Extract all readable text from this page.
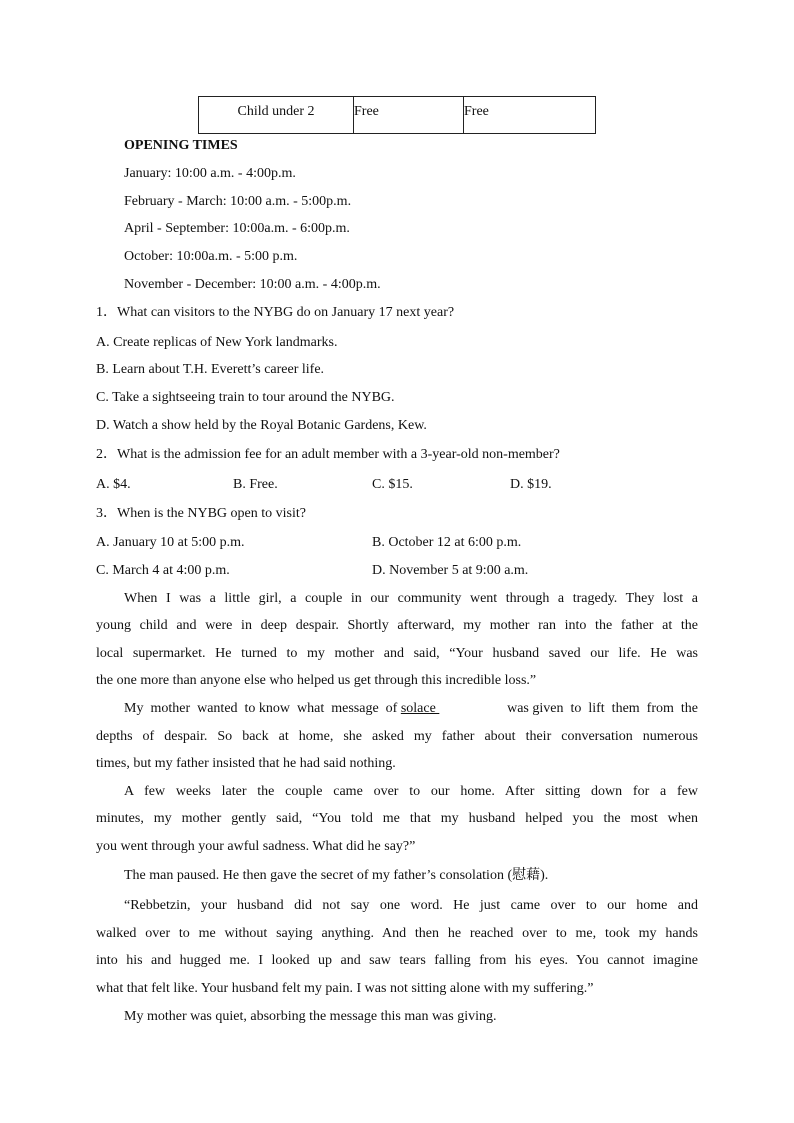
Child under 2	Free	Free
OPENING TIMES
January: 10:00 a.m. - 4:00p.m.
February - March: 10:00 a.m. - 5:00p.m.
April - September: 10:00a.m. - 6:00p.m.
October: 10:00a.m. - 5:00 p.m.
November - December: 10:00 a.m. - 4:00p.m.
1．What can visitors to the NYBG do on January 17 next year?
A. Create replicas of New York landmarks.
B. Learn about T.H. Everett’s career life.
C. Take a sightseeing train to tour around the NYBG.
D. Watch a show held by the Royal Botanic Gardens, Kew.
2．What is the admission fee for an adult member with a 3-year-old non-member?
A. $4.	B. Free.	C. $15.	D. $19.
3．When is the NYBG open to visit?
A. January 10 at 5:00 p.m.	B. October 12 at 6:00 p.m.
C. March 4 at 4:00 p.m.	D. November 5 at 9:00 a.m.
When I was a little girl, a couple in our community went through a tragedy. They lost a
young child and were in deep despair. Shortly afterward, my mother ran into the father at the
local supermarket. He turned to my mother and said, “Your husband saved our life. He was
the one more than anyone else who helped us get through this incredible loss.”
My  mother  wanted  to know  what  message  of solace	was given  to  lift  them  from  the
depths of despair. So back at home, she asked my father about their conversation numerous
times, but my father insisted that he had said nothing.
A few weeks later the couple came over to our home. After sitting down for a few
minutes, my mother gently said, “You told me that my husband helped you the most when
you went through your awful sadness. What did he say?”
The man paused. He then gave the secret of my father’s consolation (慰藉).
“Rebbetzin, your husband did not say one word. He just came over to our home and
walked over to me without saying anything. And then he reached over to me, took my hands
into his and hugged me. I looked up and saw tears falling from his eyes. You cannot imagine
what that felt like. Your husband felt my pain. I was not sitting alone with my suffering.”
My mother was quiet, absorbing the message this man was giving.
